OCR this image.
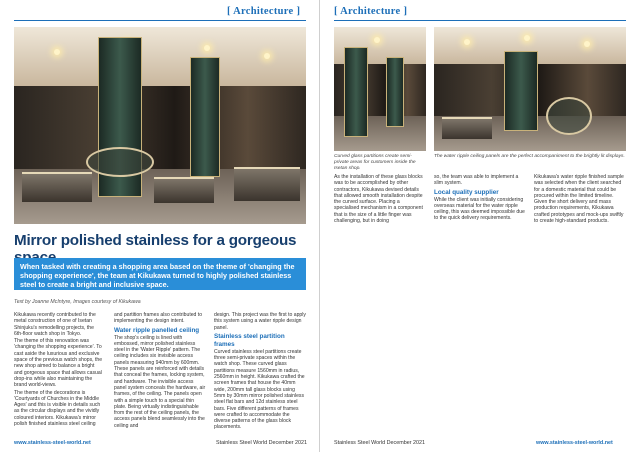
[ Architecture ]
Mirror polished stainless for a gorgeous
When tasked with creating a shopping area based on the theme of 'changing the shopping experience', the team at Kikukawa turned to highly polished stainless steel to create a bright and inclusive space.
Text by Joanne McIntyre, Images courtesy of Kikukawa

Kikukawa recently contributed to the metal construction of one of Isetan Shinjuku's remodelling projects, the 6th-floor watch shop in Tokyo.

The theme of this renovation was 'changing the shopping experience'. To cast aside the luxurious and exclusive space of the previous watch shops, the new shop aimed to balance a bright and gorgeous space that allows casual drop-ins while also maintaining the brand world-views.

The theme of the decorations is 'Courtyards of Churches in the Middle Ages' and this is visible in details such as the circular displays and the vividly coloured interiors. Kikukawa's mirror polish finished stainless steel ceiling

and partition frames also contributed to implementing the design intent.

Water ripple panelled ceiling

The shop's ceiling is lined with embossed, mirror polished stainless steel in the 'Water Ripple' pattern. The ceiling includes six invisible access panels measuring 940mm by 600mm. These panels are reinforced with details that conceal the frames, locking system, and hardware. The invisible access panel system conceals the hardware, air frames, of the ceiling. The panels open with a simple touch to a special thin plate. Being virtually indistinguishable from the rest of the ceiling panels, the access panels blend seamlessly into the ceiling and

design. This project was the first to apply this system using a water ripple design panel.

Stainless steel partition frames

Curved stainless steel partitions create three semi-private spaces within the watch shop. These curved glass partitions measure 1560mm in radius, 2560mm in height. Kikukawa crafted the screen frames that house the 40mm wide, 200mm tall glass blocks using 5mm by 30mm mirror polished stainless steel flat bars and 12d stainless steel bars. Five different patterns of frames were crafted to accommodate the diverse patterns of the glass block placements.

www.stainless-steel-world.net	Stainless Steel World December 2021
[ Architecture ]
Curved glass partitions create semi-private areas for customers inside the Isetan shop.
The water ripple ceiling panels are the perfect accompaniment to the brightly lit displays.

As the installation of these glass blocks was to be accomplished by other contractors, Kikukawa devised details that allowed smooth installation despite the curved surface. Placing a specialised mechanism in a component that is the size of a little finger was challenging, but in doing

so, the team was able to implement a slim system.

Local quality supplier

While the client was initially considering overseas material for the water ripple ceiling, this was deemed impossible due to the quick delivery requirements.

Kikukawa's water ripple finished sample was selected when the client searched for a domestic material that could be procured within the limited timeline. Given the short delivery and mass production requirements, Kikukawa crafted prototypes and mock-ups swiftly to create high-standard products.

Stainless Steel World December 2021	www.stainless-steel-world.net
